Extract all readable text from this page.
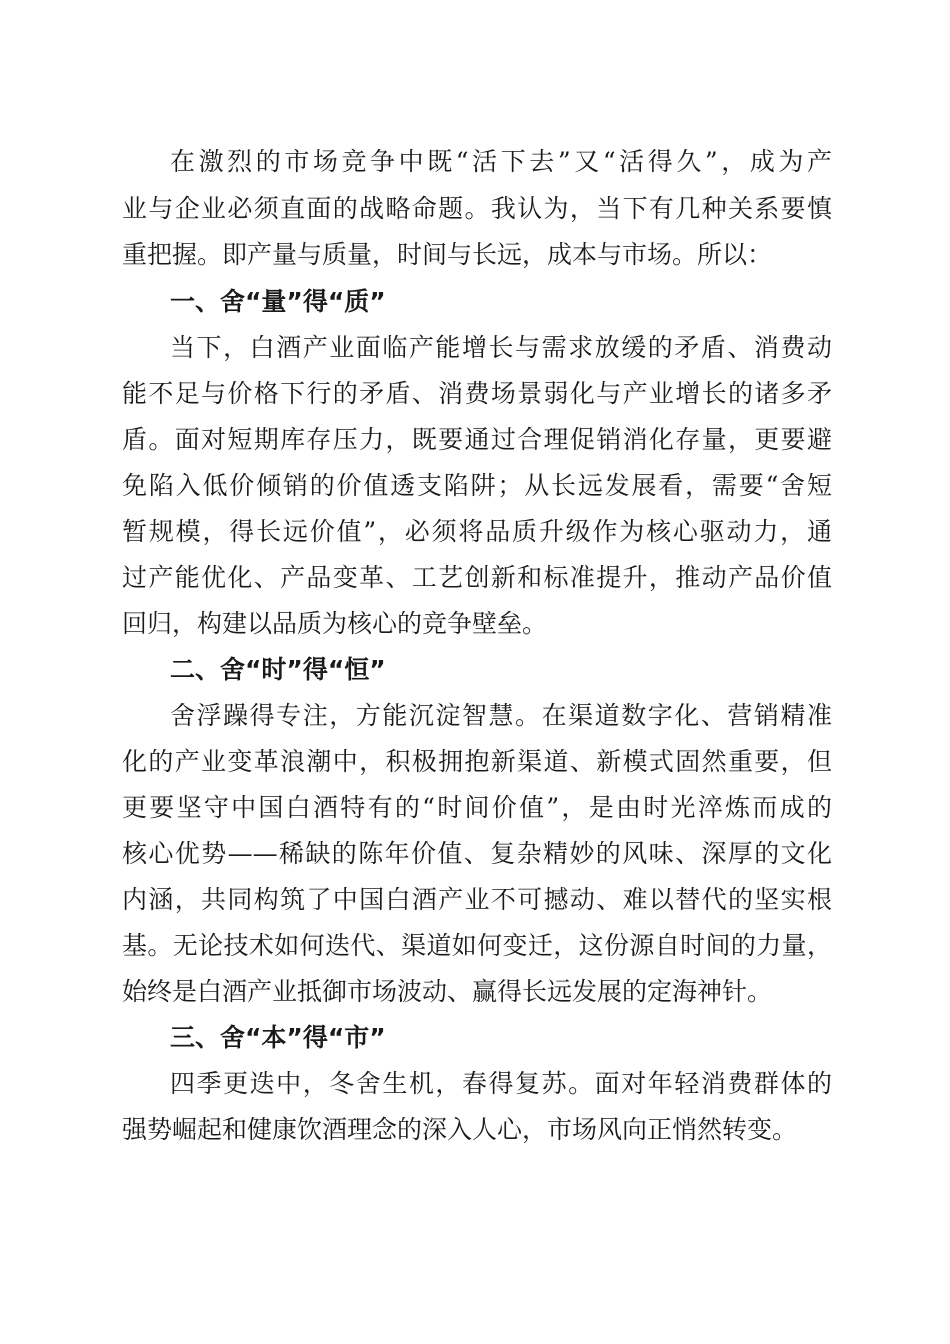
在激烈的市场竞争中既“活下去”又“活得久”，成为产
业与企业必须直面的战略命题。我认为，当下有几种关系要慎
重把握。即产量与质量，时间与长远，成本与市场。所以：
一、舍“量”得“质”
当下，白酒产业面临产能增长与需求放缓的矛盾、消费动
能不足与价格下行的矛盾、消费场景弱化与产业增长的诸多矛
盾。面对短期库存压力，既要通过合理促销消化存量，更要避
免陷入低价倾销的价值透支陷阱；从长远发展看，需要“舍短
暂规模，得长远价值”，必须将品质升级作为核心驱动力，通
过产能优化、产品变革、工艺创新和标准提升，推动产品价值
回归，构建以品质为核心的竞争壁垒。
二、舍“时”得“恒”
舍浮躁得专注，方能沉淀智慧。在渠道数字化、营销精准
化的产业变革浪潮中，积极拥抱新渠道、新模式固然重要，但
更要坚守中国白酒特有的“时间价值”，是由时光淬炼而成的
核心优势——稀缺的陈年价值、复杂精妙的风味、深厚的文化
内涵，共同构筑了中国白酒产业不可撼动、难以替代的坚实根
基。无论技术如何迭代、渠道如何变迁，这份源自时间的力量，
始终是白酒产业抵御市场波动、赢得长远发展的定海神针。
三、舍“本”得“市”
四季更迭中，冬舍生机，春得复苏。面对年轻消费群体的
强势崛起和健康饮酒理念的深入人心，市场风向正悄然转变。
